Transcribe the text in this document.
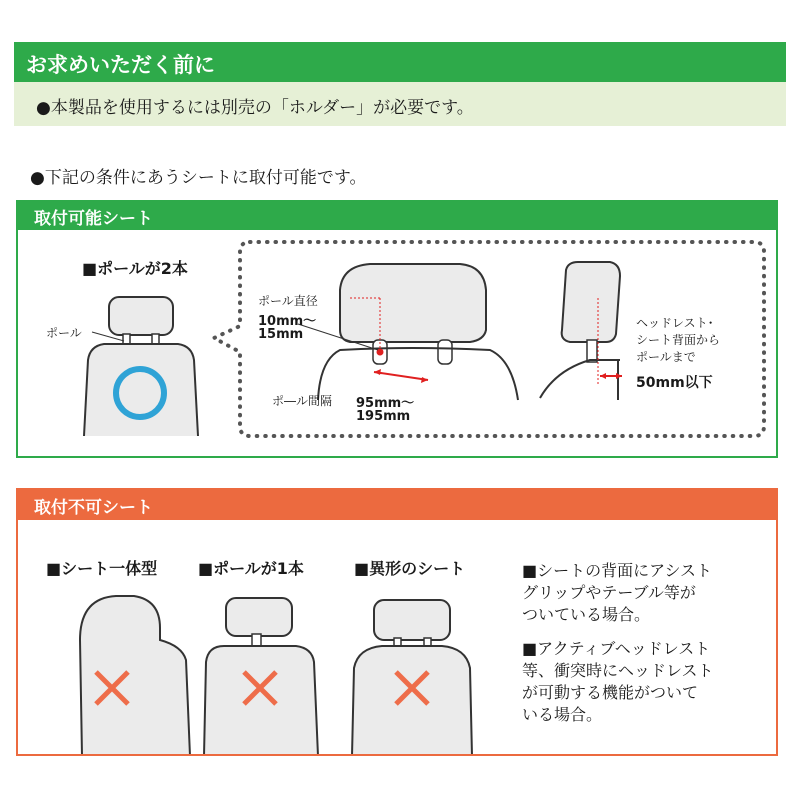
お求めいただく前に
●本製品を使用するには別売の「ホルダー」が必要です。
●下記の条件にあうシートに取付可能です。
取付可能シート
■ポールが2本
ポール
ポール直径
10mm〜
15mm
ポ―ル間隔 95mm〜
195mm
ヘッドレスト･
シート背面から
ポールまで
50mm以下
取付不可シート
■シート一体型	■ポールが1本	■異形のシート	■シートの背面にアシスト
グリップやテーブル等が
ついている場合。
■アクティブヘッドレスト
等、衝突時にヘッドレスト
が可動する機能がついて
いる場合。
